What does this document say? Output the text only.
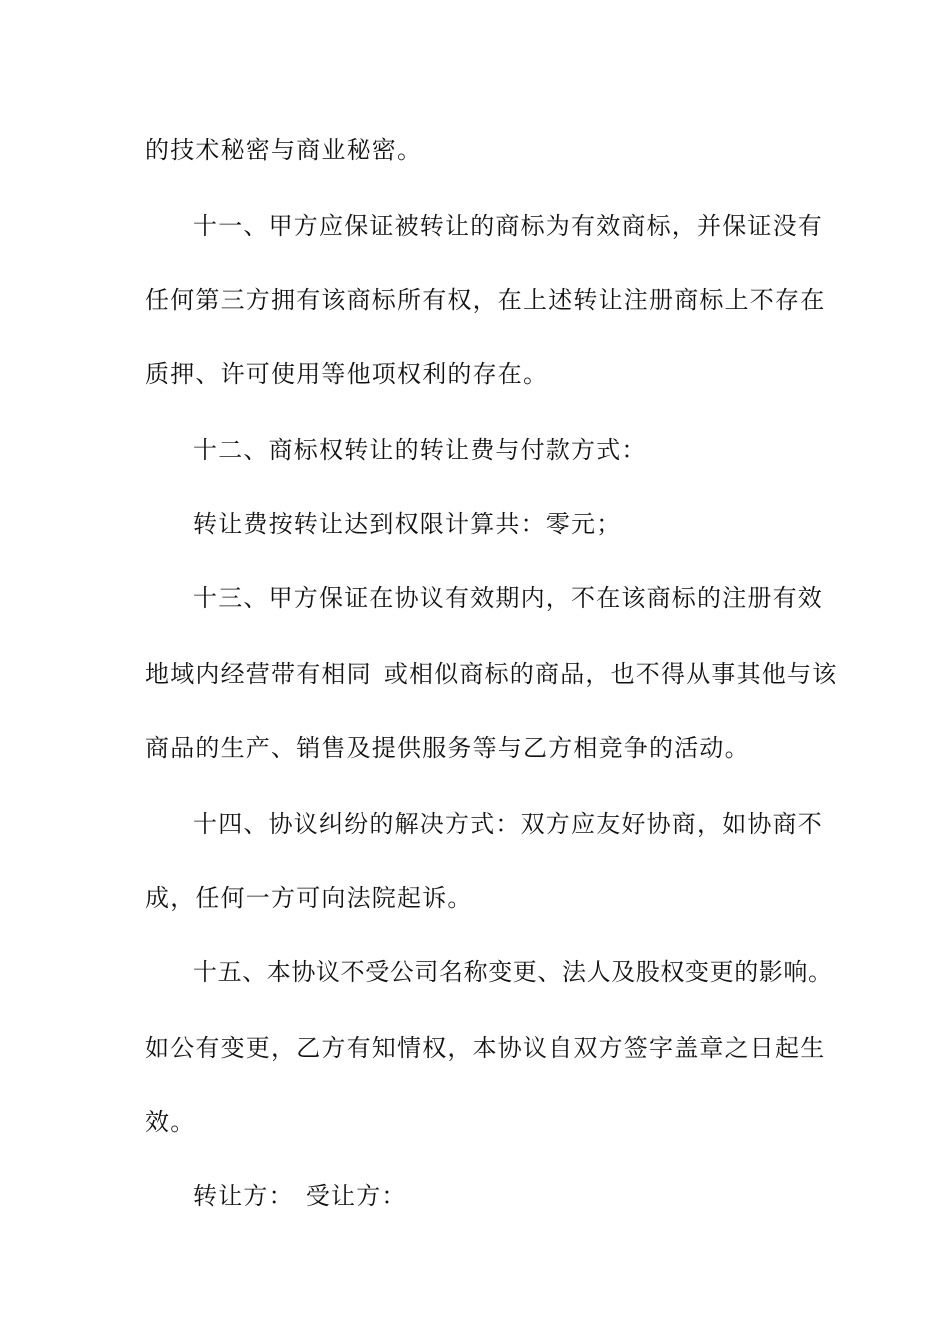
的技术秘密与商业秘密。
十一、甲方应保证被转让的商标为有效商标，并保证没有
任何第三方拥有该商标所有权，在上述转让注册商标上不存在
质押、许可使用等他项权利的存在。
十二、商标权转让的转让费与付款方式：
转让费按转让达到权限计算共：零元；
十三、甲方保证在协议有效期内，不在该商标的注册有效
地域内经营带有相同 或相似商标的商品，也不得从事其他与该
商品的生产、销售及提供服务等与乙方相竞争的活动。
十四、协议纠纷的解决方式：双方应友好协商，如协商不
成，任何一方可向法院起诉。
十五、本协议不受公司名称变更、法人及股权变更的影响。
如公有变更，乙方有知情权，本协议自双方签字盖章之日起生
效。
转让方： 受让方：
